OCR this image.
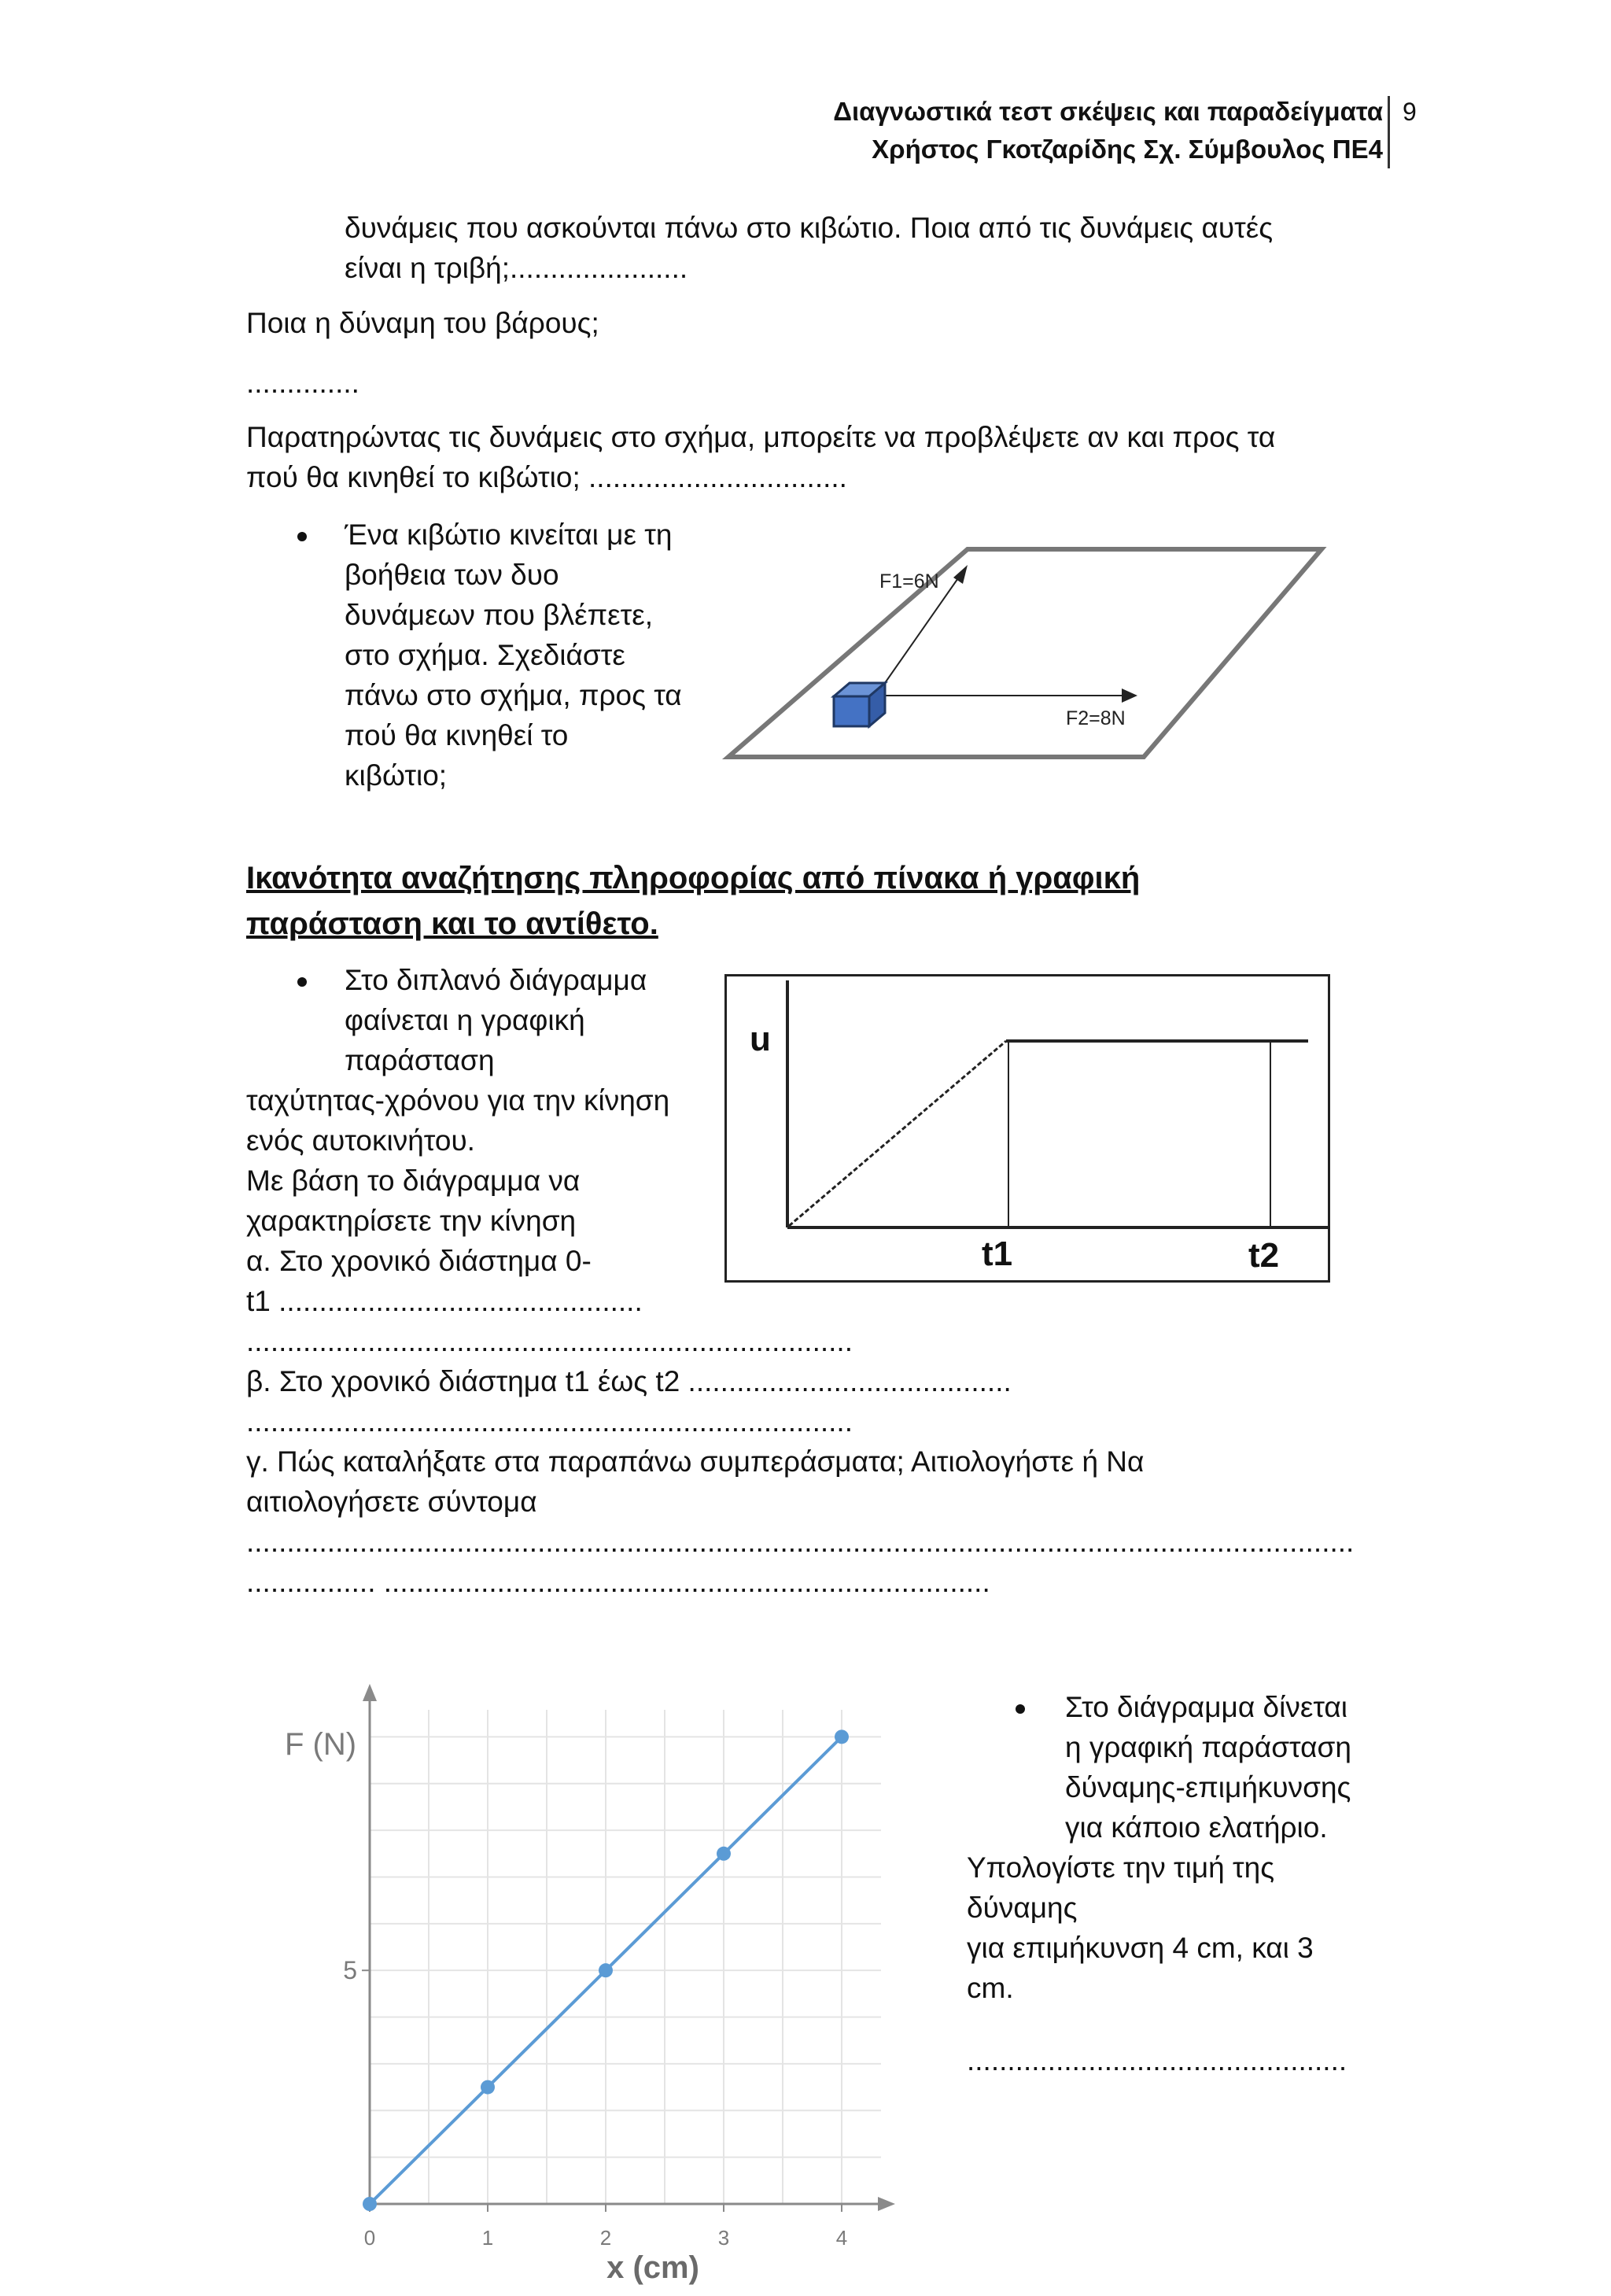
Διαγνωστικά τεστ σκέψεις και παραδείγματα
Χρήστος Γκοτζαρίδης Σχ. Σύμβουλος ΠΕ4
9
δυνάμεις που ασκούνται πάνω στο κιβώτιο. Ποια από τις δυνάμεις αυτές
είναι η τριβή;......................
Ποια η δύναμη του βάρους;
..............
Παρατηρώντας τις δυνάμεις στο σχήμα, μπορείτε να προβλέψετε αν και προς τα
πού θα κινηθεί το κιβώτιο; ................................
Ένα κιβώτιο κινείται με τη
βοήθεια των δυο
δυνάμεων που βλέπετε,
στο σχήμα. Σχεδιάστε
πάνω στο σχήμα, προς τα
πού θα κινηθεί το
κιβώτιο;
F1=6N
F2=8N
Ικανότητα αναζήτησης πληροφορίας από πίνακα ή γραφική
παράσταση και το αντίθετο.
Στο διπλανό διάγραμμα
φαίνεται η γραφική
παράσταση
ταχύτητας-χρόνου για την κίνηση
ενός αυτοκινήτου.
Με βάση το διάγραμμα να
χαρακτηρίσετε την κίνηση
α. Στο χρονικό διάστημα 0-
t1 .............................................
...........................................................................
β. Στο χρονικό διάστημα t1 έως t2 ........................................
...........................................................................
γ. Πώς καταλήξατε στα παραπάνω συμπεράσματα; Αιτιολογήστε ή Να
αιτιολογήσετε σύντομα
.........................................................................................................................................
................ ...........................................................................
u
t1	t2
0	1	2	3	4
5
F (N)
x (cm)
Στο διάγραμμα δίνεται
η γραφική παράσταση
δύναμης-επιμήκυνσης
για κάποιο ελατήριο.
Υπολογίστε την τιμή της
δύναμης
για επιμήκυνση 4 cm, και 3
cm.
...............................................
